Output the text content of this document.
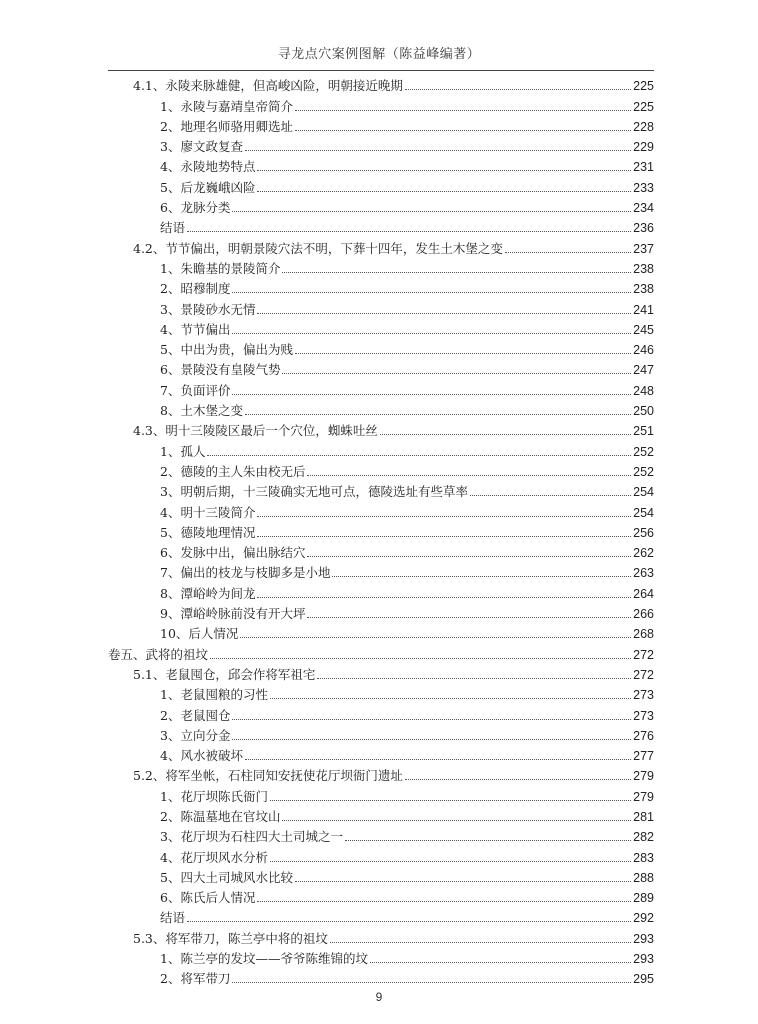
寻龙点穴案例图解（陈益峰编著）
4.1、永陵来脉雄健，但高峻凶险，明朝接近晚期	225
1、永陵与嘉靖皇帝简介	225
2、地理名师骆用卿选址	228
3、廖文政复查	229
4、永陵地势特点	231
5、后龙巍峨凶险	233
6、龙脉分类	234
结语	236
4.2、节节偏出，明朝景陵穴法不明，下葬十四年，发生土木堡之变	237
1、朱瞻基的景陵简介	238
2、昭穆制度	238
3、景陵砂水无情	241
4、节节偏出	245
5、中出为贵，偏出为贱	246
6、景陵没有皇陵气势	247
7、负面评价	248
8、土木堡之变	250
4.3、明十三陵陵区最后一个穴位，蜘蛛吐丝	251
1、孤人	252
2、德陵的主人朱由校无后	252
3、明朝后期，十三陵确实无地可点，德陵选址有些草率	254
4、明十三陵简介	254
5、德陵地理情况	256
6、发脉中出，偏出脉结穴	262
7、偏出的枝龙与枝脚多是小地	263
8、潭峪岭为间龙	264
9、潭峪岭脉前没有开大坪	266
10、后人情况	268
卷五、武将的祖坟	272
5.1、老鼠囤仓，邱会作将军祖宅	272
1、老鼠囤粮的习性	273
2、老鼠囤仓	273
3、立向分金	276
4、风水被破坏	277
5.2、将军坐帐，石柱同知安抚使花厅坝衙门遗址	279
1、花厅坝陈氏衙门	279
2、陈温墓地在官坟山	281
3、花厅坝为石柱四大土司城之一	282
4、花厅坝风水分析	283
5、四大土司城风水比较	288
6、陈氏后人情况	289
结语	292
5.3、将军带刀，陈兰亭中将的祖坟	293
1、陈兰亭的发坟——爷爷陈维锦的坟	293
2、将军带刀	295
9
